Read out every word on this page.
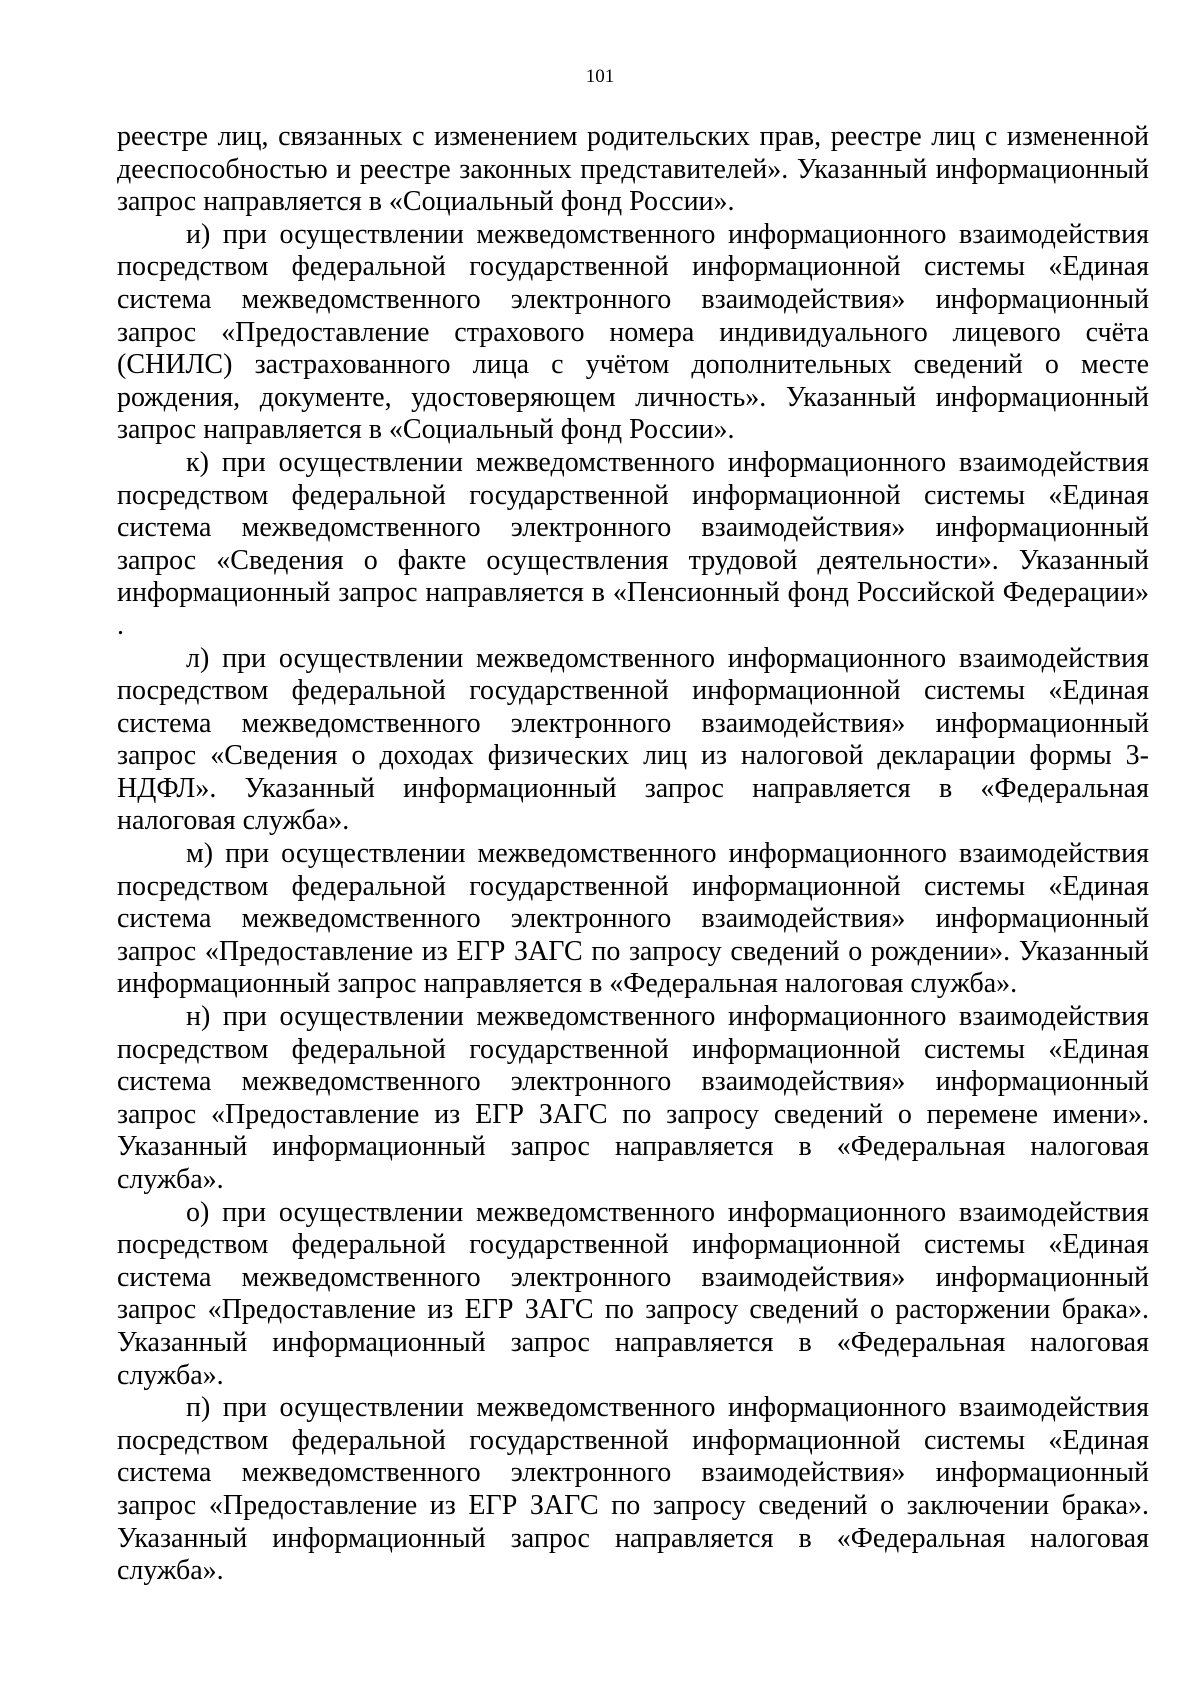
101
реестре лиц, связанных с изменением родительских прав, реестре лиц с измененной
дееспособностью и реестре законных представителей». Указанный информационный
запрос направляется в «Социальный фонд России».
и) при осуществлении межведомственного информационного взаимодействия
посредством федеральной государственной информационной системы «Единая
система межведомственного электронного взаимодействия» информационный
запрос «Предоставление страхового номера индивидуального лицевого счёта
(СНИЛС) застрахованного лица с учётом дополнительных сведений о месте
рождения, документе, удостоверяющем личность». Указанный информационный
запрос направляется в «Социальный фонд России».
к) при осуществлении межведомственного информационного взаимодействия
посредством федеральной государственной информационной системы «Единая
система межведомственного электронного взаимодействия» информационный
запрос «Сведения о факте осуществления трудовой деятельности». Указанный
информационный запрос направляется в «Пенсионный фонд Российской Федерации»
.
л) при осуществлении межведомственного информационного взаимодействия
посредством федеральной государственной информационной системы «Единая
система межведомственного электронного взаимодействия» информационный
запрос «Сведения о доходах физических лиц из налоговой декларации формы 3-
НДФЛ». Указанный информационный запрос направляется в «Федеральная
налоговая служба».
м) при осуществлении межведомственного информационного взаимодействия
посредством федеральной государственной информационной системы «Единая
система межведомственного электронного взаимодействия» информационный
запрос «Предоставление из ЕГР ЗАГС по запросу сведений о рождении». Указанный
информационный запрос направляется в «Федеральная налоговая служба».
н) при осуществлении межведомственного информационного взаимодействия
посредством федеральной государственной информационной системы «Единая
система межведомственного электронного взаимодействия» информационный
запрос «Предоставление из ЕГР ЗАГС по запросу сведений о перемене имени».
Указанный информационный запрос направляется в «Федеральная налоговая
служба».
о) при осуществлении межведомственного информационного взаимодействия
посредством федеральной государственной информационной системы «Единая
система межведомственного электронного взаимодействия» информационный
запрос «Предоставление из ЕГР ЗАГС по запросу сведений о расторжении брака».
Указанный информационный запрос направляется в «Федеральная налоговая
служба».
п) при осуществлении межведомственного информационного взаимодействия
посредством федеральной государственной информационной системы «Единая
система межведомственного электронного взаимодействия» информационный
запрос «Предоставление из ЕГР ЗАГС по запросу сведений о заключении брака».
Указанный информационный запрос направляется в «Федеральная налоговая
служба».
